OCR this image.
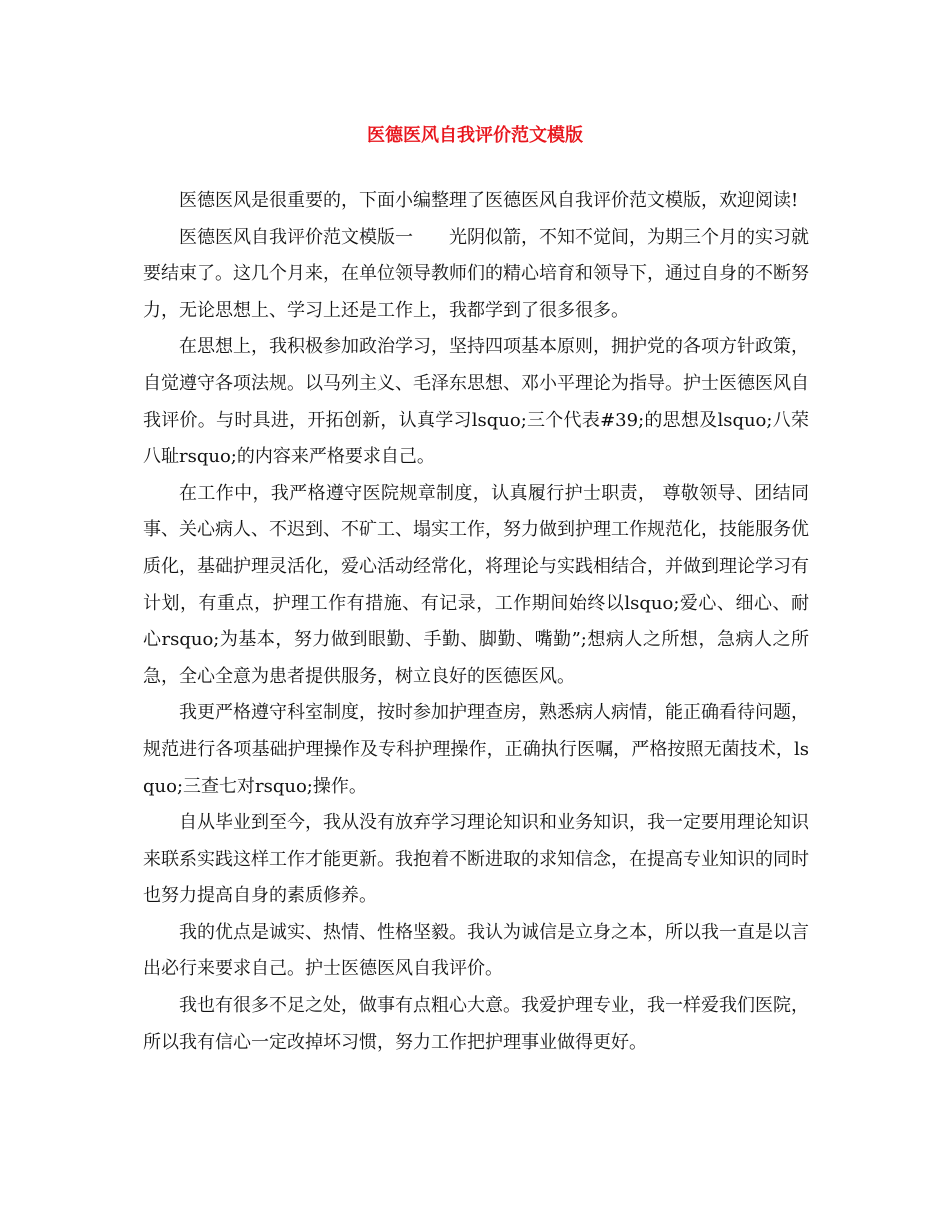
医德医风自我评价范文模版

医德医风是很重要的，下面小编整理了医德医风自我评价范文模版，欢迎阅读!

医德医风自我评价范文模版一　　光阴似箭，不知不觉间，为期三个月的实习就要结束了。这几个月来，在单位领导教师们的精心培育和领导下，通过自身的不断努力，无论思想上、学习上还是工作上，我都学到了很多很多。

在思想上，我积极参加政治学习，坚持四项基本原则，拥护党的各项方针政策，自觉遵守各项法规。以马列主义、毛泽东思想、邓小平理论为指导。护士医德医风自我评价。与时具进，开拓创新，认真学习lsquo;三个代表#39;的思想及lsquo;八荣八耻rsquo;的内容来严格要求自己。

在工作中，我严格遵守医院规章制度，认真履行护士职责， 尊敬领导、团结同事、关心病人、不迟到、不矿工、塌实工作，努力做到护理工作规范化，技能服务优质化，基础护理灵活化，爱心活动经常化，将理论与实践相结合，并做到理论学习有计划，有重点，护理工作有措施、有记录，工作期间始终以lsquo;爱心、细心、耐心rsquo;为基本，努力做到眼勤、手勤、脚勤、嘴勤”;想病人之所想，急病人之所急，全心全意为患者提供服务，树立良好的医德医风。

我更严格遵守科室制度，按时参加护理查房，熟悉病人病情，能正确看待问题，规范进行各项基础护理操作及专科护理操作，正确执行医嘱，严格按照无菌技术，lsquo;三查七对rsquo;操作。

自从毕业到至今，我从没有放弃学习理论知识和业务知识，我一定要用理论知识来联系实践这样工作才能更新。我抱着不断进取的求知信念，在提高专业知识的同时也努力提高自身的素质修养。

我的优点是诚实、热情、性格坚毅。我认为诚信是立身之本，所以我一直是以言出必行来要求自己。护士医德医风自我评价。

我也有很多不足之处，做事有点粗心大意。我爱护理专业，我一样爱我们医院，所以我有信心一定改掉坏习惯，努力工作把护理事业做得更好。
